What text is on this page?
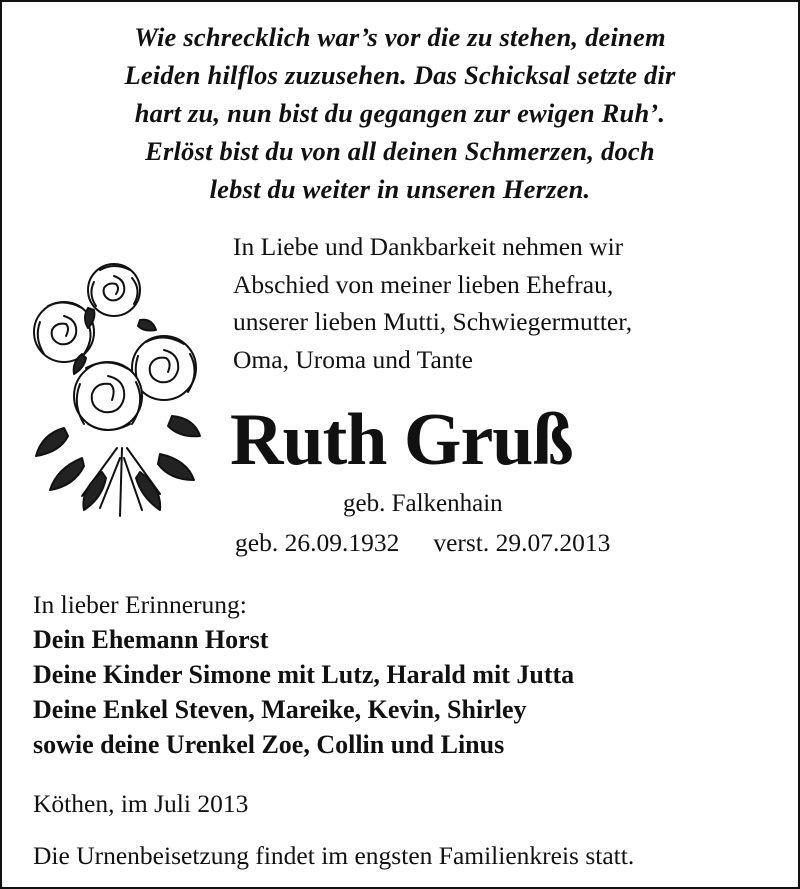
Wie schrecklich war’s vor die zu stehen, deinem
Leiden hilflos zuzusehen. Das Schicksal setzte dir
hart zu, nun bist du gegangen zur ewigen Ruh’.
Erlöst bist du von all deinen Schmerzen, doch
lebst du weiter in unseren Herzen.
In Liebe und Dankbarkeit nehmen wir
Abschied von meiner lieben Ehefrau,
unserer lieben Mutti, Schwiegermutter,
Oma, Uroma und Tante
Ruth Gruß
geb. Falkenhain
geb. 26.09.1932 verst. 29.07.2013
In lieber Erinnerung:
Dein Ehemann Horst
Deine Kinder Simone mit Lutz, Harald mit Jutta
Deine Enkel Steven, Mareike, Kevin, Shirley
sowie deine Urenkel Zoe, Collin und Linus
Köthen, im Juli 2013
Die Urnenbeisetzung findet im engsten Familienkreis statt.
